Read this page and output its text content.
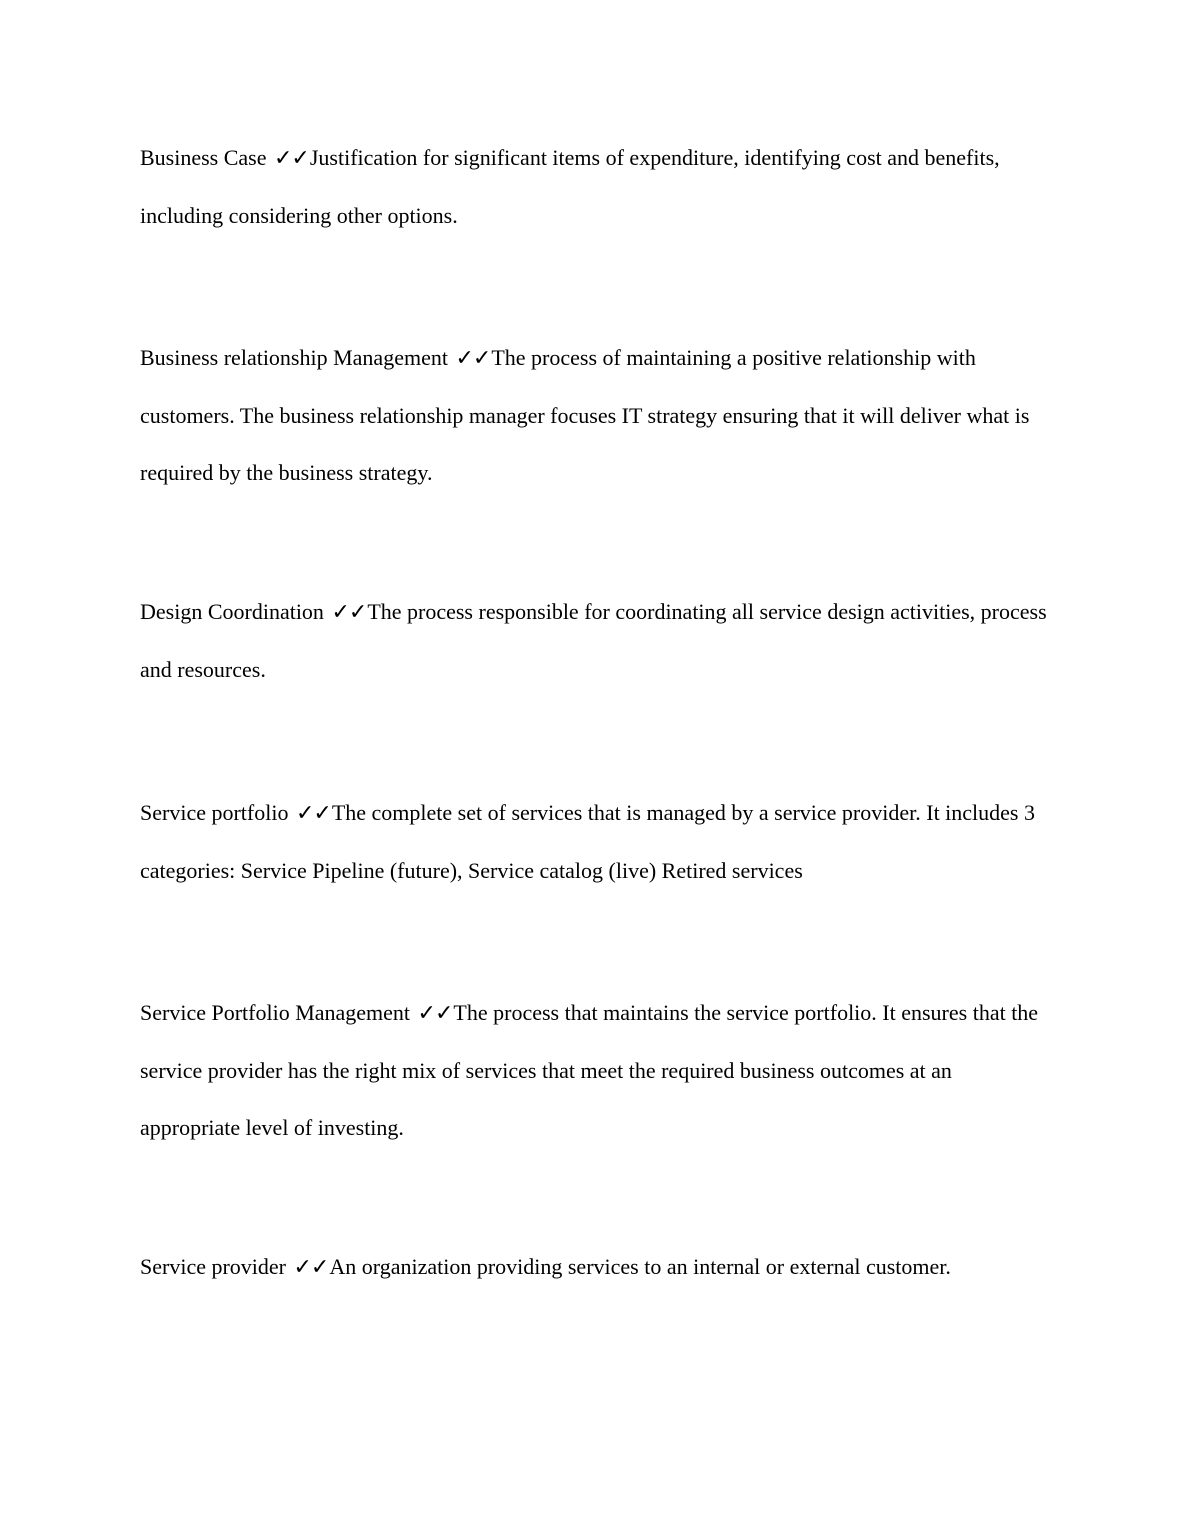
Business Case ✓✓Justification for significant items of expenditure, identifying cost and benefits, including considering other options.

Business relationship Management ✓✓The process of maintaining a positive relationship with customers. The business relationship manager focuses IT strategy ensuring that it will deliver what is required by the business strategy.

Design Coordination ✓✓The process responsible for coordinating all service design activities, process and resources.

Service portfolio ✓✓The complete set of services that is managed by a service provider. It includes 3 categories: Service Pipeline (future), Service catalog (live) Retired services

Service Portfolio Management ✓✓The process that maintains the service portfolio. It ensures that the service provider has the right mix of services that meet the required business outcomes at an appropriate level of investing.

Service provider ✓✓An organization providing services to an internal or external customer.
